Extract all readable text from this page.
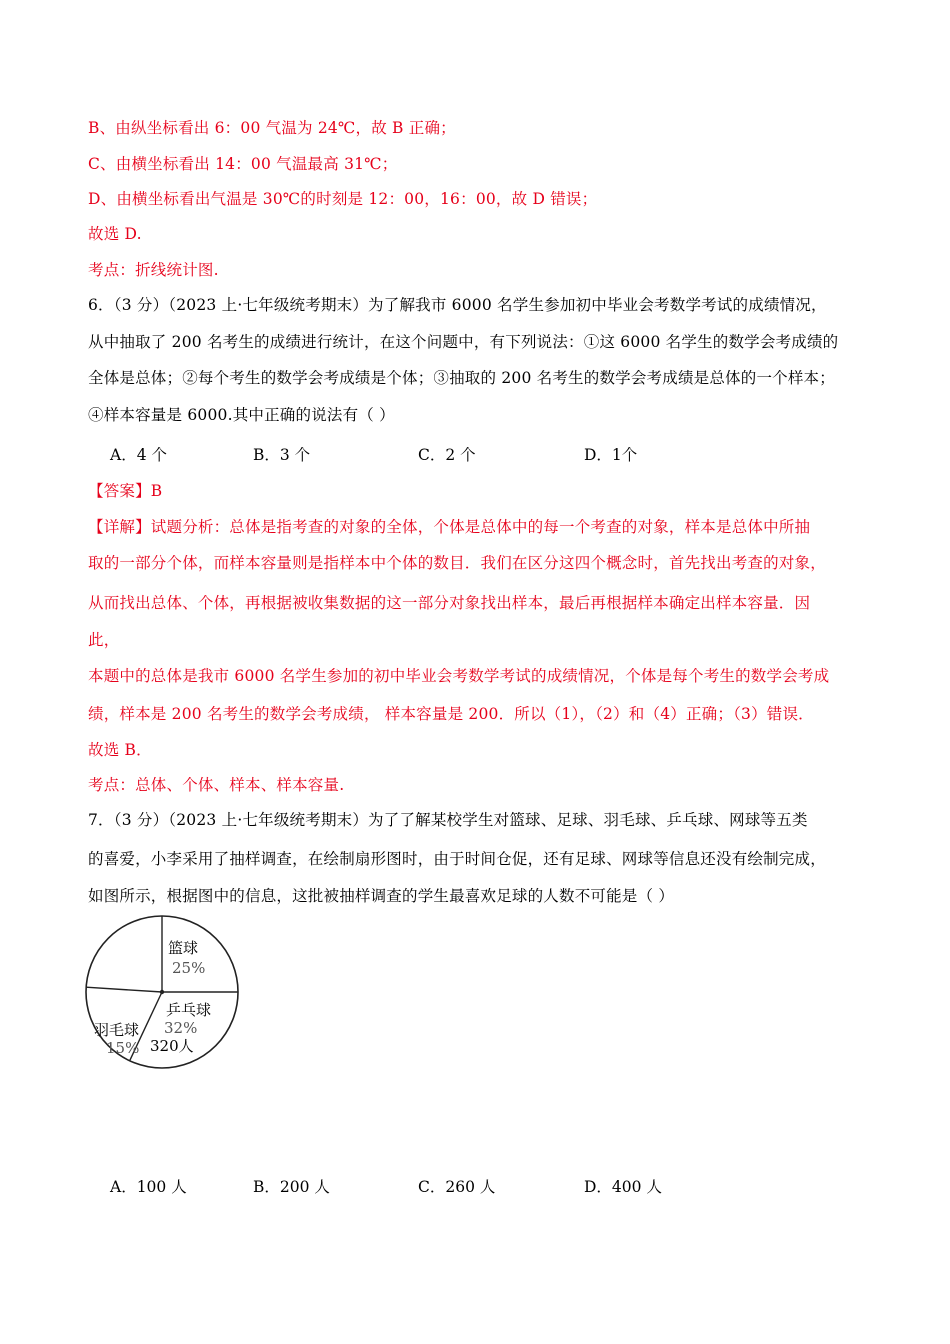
B、由纵坐标看出 6：00 气温为 24℃，故 B 正确；
C、由横坐标看出 14：00 气温最高 31℃；
D、由横坐标看出气温是 30℃的时刻是 12：00，16：00，故 D 错误；
故选 D.
考点：折线统计图.
6．（3 分）（2023 上·七年级统考期末）为了解我市 6000 名学生参加初中毕业会考数学考试的成绩情况，
从中抽取了 200 名考生的成绩进行统计，在这个问题中，有下列说法：①这 6000 名学生的数学会考成绩的
全体是总体；②每个考生的数学会考成绩是个体；③抽取的 200 名考生的数学会考成绩是总体的一个样本；
④样本容量是 6000.其中正确的说法有（ ）
A．4 个	B．3 个	C．2 个	D．1个
【答案】B
【详解】试题分析：总体是指考查的对象的全体，个体是总体中的每一个考查的对象，样本是总体中所抽
取的一部分个体，而样本容量则是指样本中个体的数目．我们在区分这四个概念时，首先找出考查的对象，
从而找出总体、个体，再根据被收集数据的这一部分对象找出样本，最后再根据样本确定出样本容量．因
此，
本题中的总体是我市 6000 名学生参加的初中毕业会考数学考试的成绩情况，个体是每个考生的数学会考成
绩，样本是 200 名考生的数学会考成绩， 样本容量是 200．所以（1），（2）和（4）正确；（3）错误．
故选 B．
考点：总体、个体、样本、样本容量.
7．（3 分）（2023 上·七年级统考期末）为了了解某校学生对篮球、足球、羽毛球、乒乓球、网球等五类
的喜爱，小李采用了抽样调查，在绘制扇形图时，由于时间仓促，还有足球、网球等信息还没有绘制完成，
如图所示，根据图中的信息，这批被抽样调查的学生最喜欢足球的人数不可能是（ ）
篮球
25%
乒乓球
32%
320人
羽毛球
15%
A．100 人	B．200 人	C．260 人	D．400 人
